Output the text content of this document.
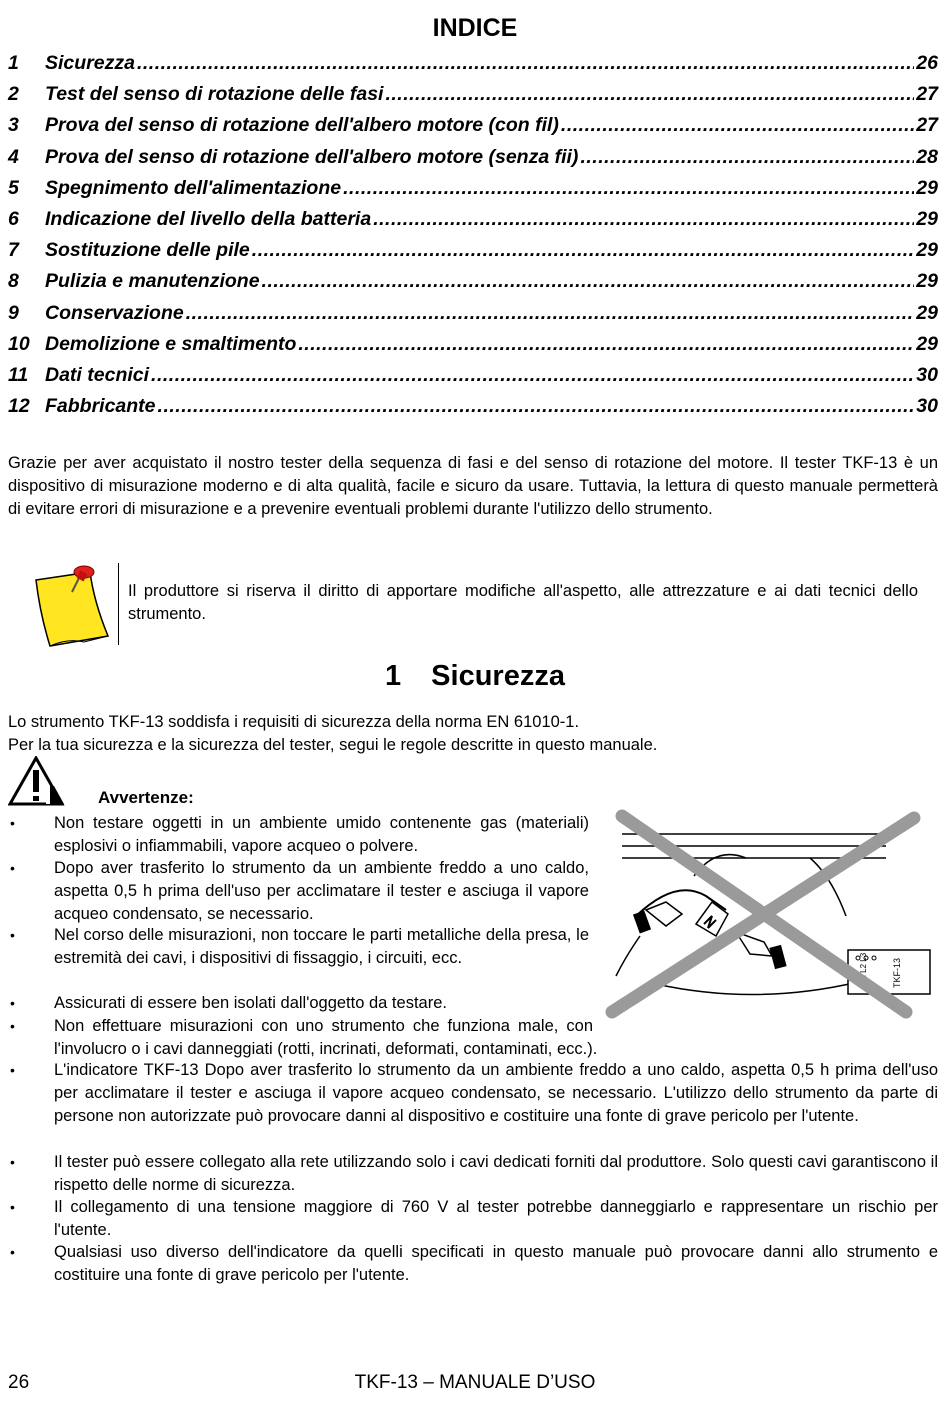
INDICE
1	Sicurezza .....	26
2	Test del senso di rotazione delle fasi .....	27
3	Prova del senso di rotazione dell'albero motore (con fil) .....	27
4	Prova del senso di rotazione dell'albero motore (senza fii) .....	28
5	Spegnimento dell'alimentazione .....	29
6	Indicazione del livello della batteria .....	29
7	Sostituzione delle pile .....	29
8	Pulizia e manutenzione .....	29
9	Conservazione .....	29
10 Demolizione e smaltimento .....	29
11 Dati tecnici .....	30
12 Fabbricante .....	30
Grazie per aver acquistato il nostro tester della sequenza di fasi e del senso di rotazione del motore. Il tester TKF-13 è un dispositivo di misurazione moderno e di alta qualità, facile e sicuro da usare. Tuttavia, la lettura di questo manuale permetterà di evitare errori di misurazione e a prevenire eventuali problemi durante l'utilizzo dello strumento.
Il produttore si riserva il diritto di apportare modifiche all'aspetto, alle attrezzature e ai dati tecnici dello strumento.
1 Sicurezza
Lo strumento TKF-13 soddisfa i requisiti di sicurezza della norma EN 61010-1.
Per la tua sicurezza e la sicurezza del tester, segui le regole descritte in questo manuale.
Avvertenze:
L1 L2 L3	TKF-13
•	Non testare oggetti in un ambiente umido contenente gas (materiali) esplosivi o infiammabili, vapore acqueo o polvere.
•	Dopo aver trasferito lo strumento da un ambiente freddo a uno caldo, aspetta 0,5 h prima dell'uso per acclimatare il tester e asciuga il vapore acqueo condensato, se necessario.
•	Nel corso delle misurazioni, non toccare le parti metalliche della presa, le estremità dei cavi, i dispositivi di fissaggio, i circuiti, ecc.
•	Assicurati di essere ben isolati dall'oggetto da testare.
•	Non effettuare misurazioni con uno strumento che funziona male, con l'involucro o i cavi danneggiati (rotti, incrinati, deformati, contaminati, ecc.).
•	L'indicatore TKF-13 Dopo aver trasferito lo strumento da un ambiente freddo a uno caldo, aspetta 0,5 h prima dell'uso per acclimatare il tester e asciuga il vapore acqueo condensato, se necessario. L'utilizzo dello strumento da parte di persone non autorizzate può provocare danni al dispositivo e costituire una fonte di grave pericolo per l'utente.
•	Il tester può essere collegato alla rete utilizzando solo i cavi dedicati forniti dal produttore. Solo questi cavi garantiscono il rispetto delle norme di sicurezza.
•	Il collegamento di una tensione maggiore di 760 V al tester potrebbe danneggiarlo e rappresentare un rischio per l'utente.
•	Qualsiasi uso diverso dell'indicatore da quelli specificati in questo manuale può provocare danni allo strumento e costituire una fonte di grave pericolo per l'utente.
26	TKF-13 – MANUALE D’USO
